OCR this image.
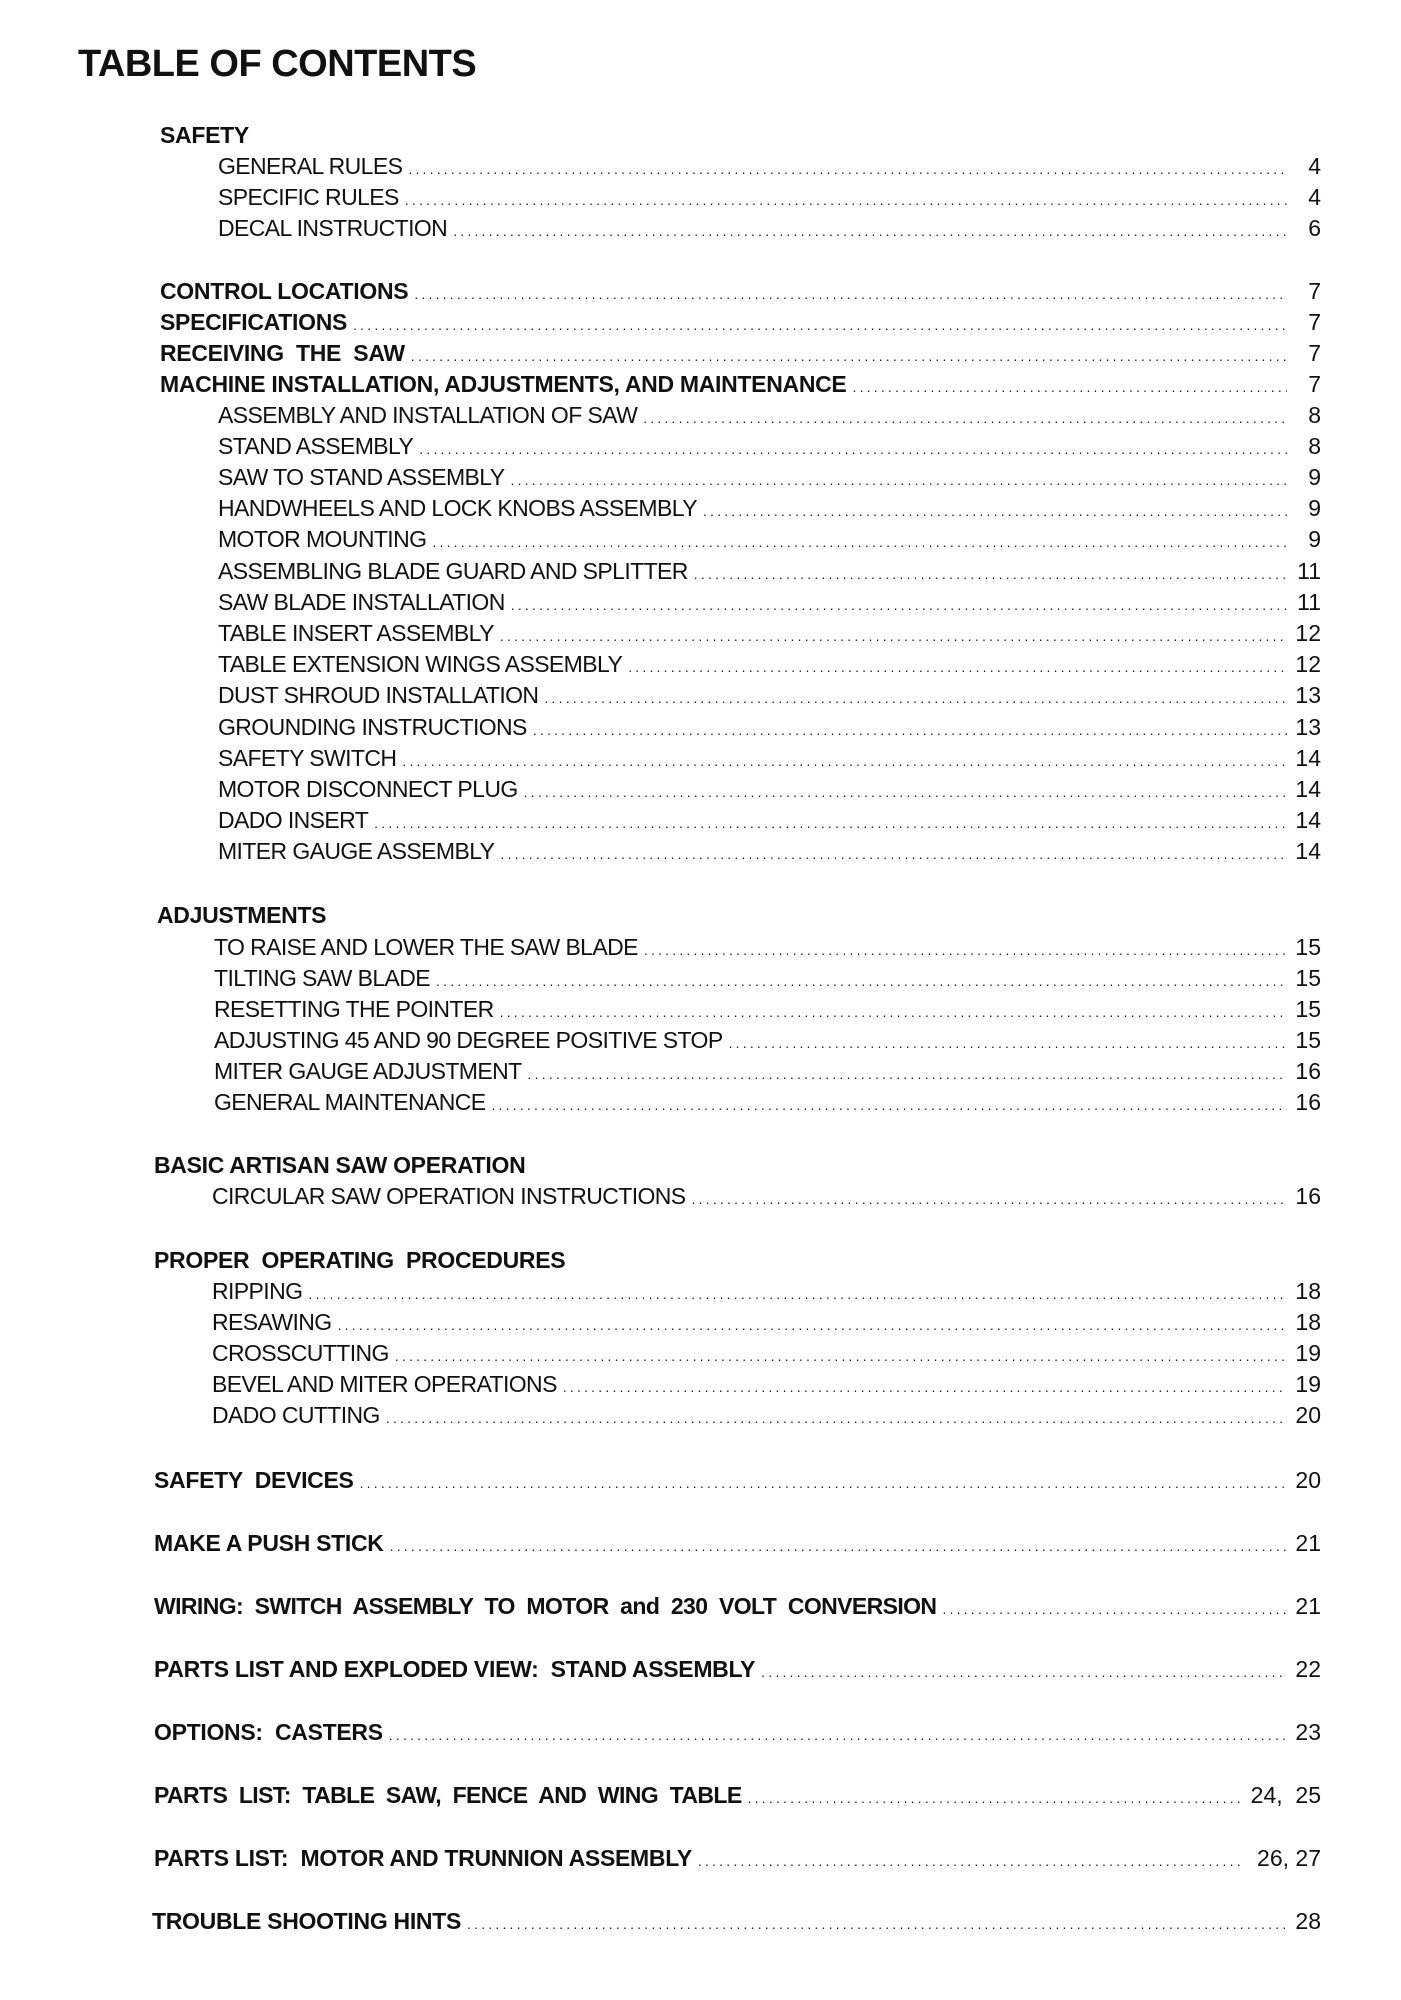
TABLE OF CONTENTS
SAFETY
GENERAL RULES .....	4
SPECIFIC RULES .....	4
DECAL INSTRUCTION .....	6
CONTROL LOCATIONS .....	7
SPECIFICATIONS .....	7
RECEIVING  THE  SAW .....	7
MACHINE INSTALLATION, ADJUSTMENTS, AND MAINTENANCE .....	7
ASSEMBLY AND INSTALLATION OF SAW .....	8
STAND ASSEMBLY .....	8
SAW TO STAND ASSEMBLY .....	9
HANDWHEELS AND LOCK KNOBS ASSEMBLY .....	9
MOTOR MOUNTING .....	9
ASSEMBLING BLADE GUARD AND SPLITTER .....	11
SAW BLADE INSTALLATION .....	11
TABLE INSERT ASSEMBLY .....	12
TABLE EXTENSION WINGS ASSEMBLY .....	12
DUST SHROUD INSTALLATION .....	13
GROUNDING INSTRUCTIONS .....	13
SAFETY SWITCH .....	14
MOTOR DISCONNECT PLUG .....	14
DADO INSERT .....	14
MITER GAUGE ASSEMBLY .....	14
ADJUSTMENTS
TO RAISE AND LOWER THE SAW BLADE .....	15
TILTING SAW BLADE .....	15
RESETTING THE POINTER .....	15
ADJUSTING 45 AND 90 DEGREE POSITIVE STOP .....	15
MITER GAUGE ADJUSTMENT .....	16
GENERAL MAINTENANCE .....	16
BASIC ARTISAN SAW OPERATION
CIRCULAR SAW OPERATION INSTRUCTIONS .....	16
PROPER  OPERATING  PROCEDURES
RIPPING .....	18
RESAWING .....	18
CROSSCUTTING .....	19
BEVEL AND MITER OPERATIONS .....	19
DADO CUTTING .....	20
SAFETY  DEVICES .....	20
MAKE A PUSH STICK .....	21
WIRING:  SWITCH  ASSEMBLY  TO  MOTOR  and  230  VOLT  CONVERSION .....	21
PARTS LIST AND EXPLODED VIEW:  STAND ASSEMBLY .....	22
OPTIONS:  CASTERS .....	23
PARTS  LIST:  TABLE  SAW,  FENCE  AND  WING  TABLE .....	24,  25
PARTS LIST:  MOTOR AND TRUNNION ASSEMBLY .....	26, 27
TROUBLE SHOOTING HINTS .....	28
